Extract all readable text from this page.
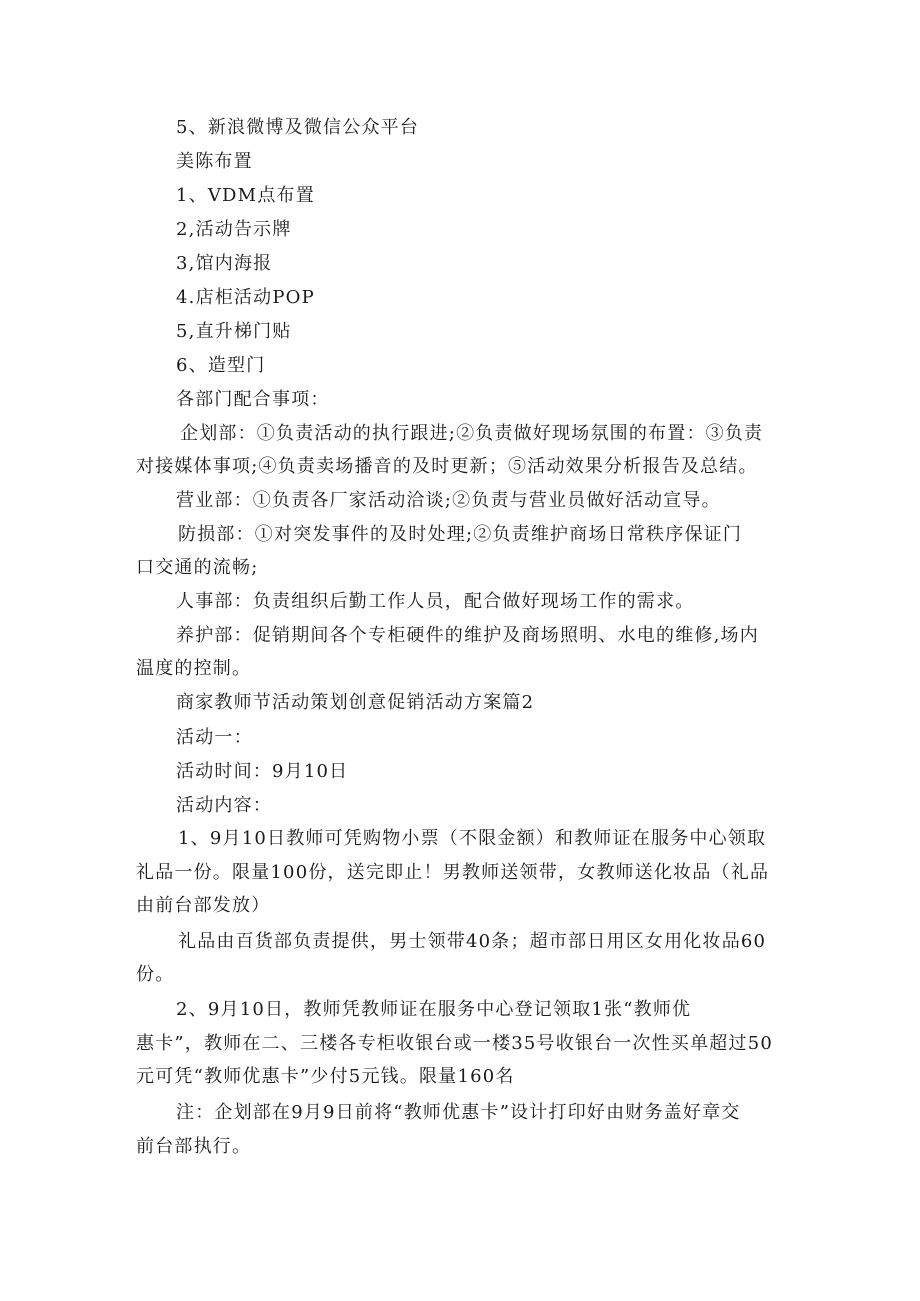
5、新浪微博及微信公众平台
美陈布置
1、VDM点布置
2,活动告示牌
3,馆内海报
4.店柜活动POP
5,直升梯门贴
6、造型门
各部门配合事项：
企划部：①负责活动的执行跟进;②负责做好现场氛围的布置：③负责
对接媒体事项;④负责卖场播音的及时更新；⑤活动效果分析报告及总结。
营业部：①负责各厂家活动洽谈;②负责与营业员做好活动宣导。
防损部：①对突发事件的及时处理;②负责维护商场日常秩序保证门
口交通的流畅;
人事部：负责组织后勤工作人员，配合做好现场工作的需求。
养护部：促销期间各个专柜硬件的维护及商场照明、水电的维修,场内
温度的控制。
商家教师节活动策划创意促销活动方案篇2
活动一：
活动时间：9月10日
活动内容：
1、9月10日教师可凭购物小票（不限金额）和教师证在服务中心领取
礼品一份。限量100份，送完即止！男教师送领带，女教师送化妆品（礼品
由前台部发放）
礼品由百货部负责提供，男士领带40条；超市部日用区女用化妆品60
份。
2、9月10日，教师凭教师证在服务中心登记领取1张“教师优
惠卡”，教师在二、三楼各专柜收银台或一楼35号收银台一次性买单超过50
元可凭“教师优惠卡”少付5元钱。限量160名
注：企划部在9月9日前将“教师优惠卡”设计打印好由财务盖好章交
前台部执行。
